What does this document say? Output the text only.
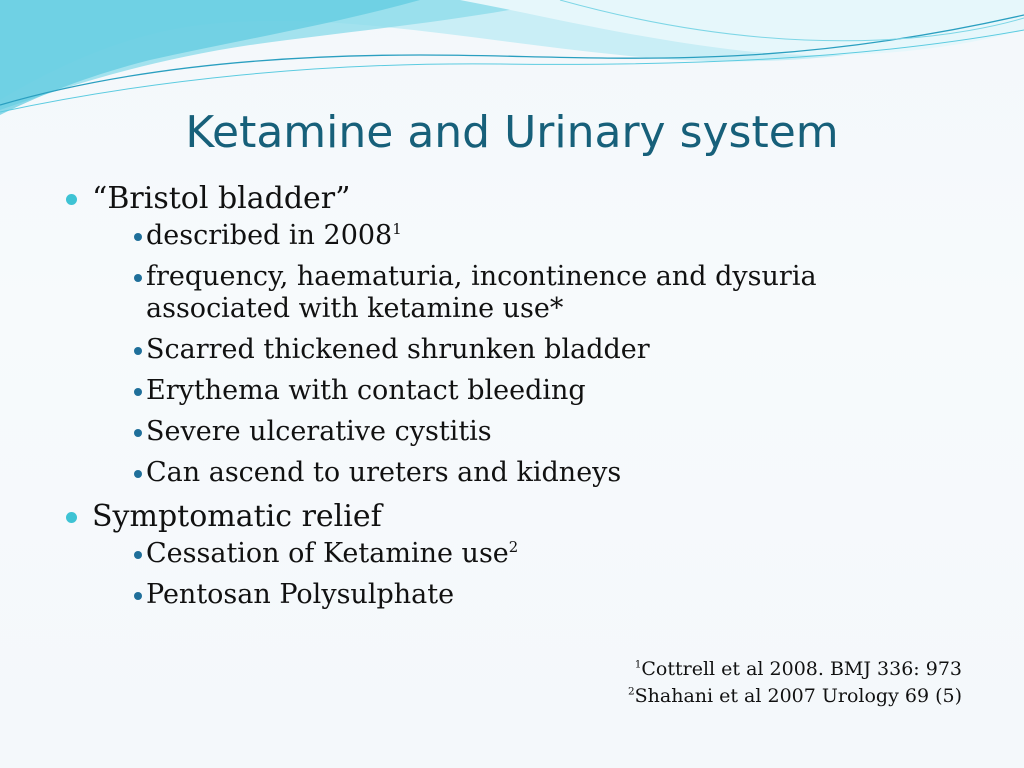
Ketamine and Urinary system
“Bristol bladder”
described in 2008$^1$
frequency, haematuria, incontinence and dysuria associated with ketamine use*
Scarred thickened shrunken bladder
Erythema with contact bleeding
Severe ulcerative cystitis
Can ascend to ureters and kidneys
Symptomatic relief
Cessation of Ketamine use$^2$
Pentosan Polysulphate
$^1$Cottrell et al 2008. BMJ 336: 973
$^2$Shahani et al 2007 Urology 69 (5)
